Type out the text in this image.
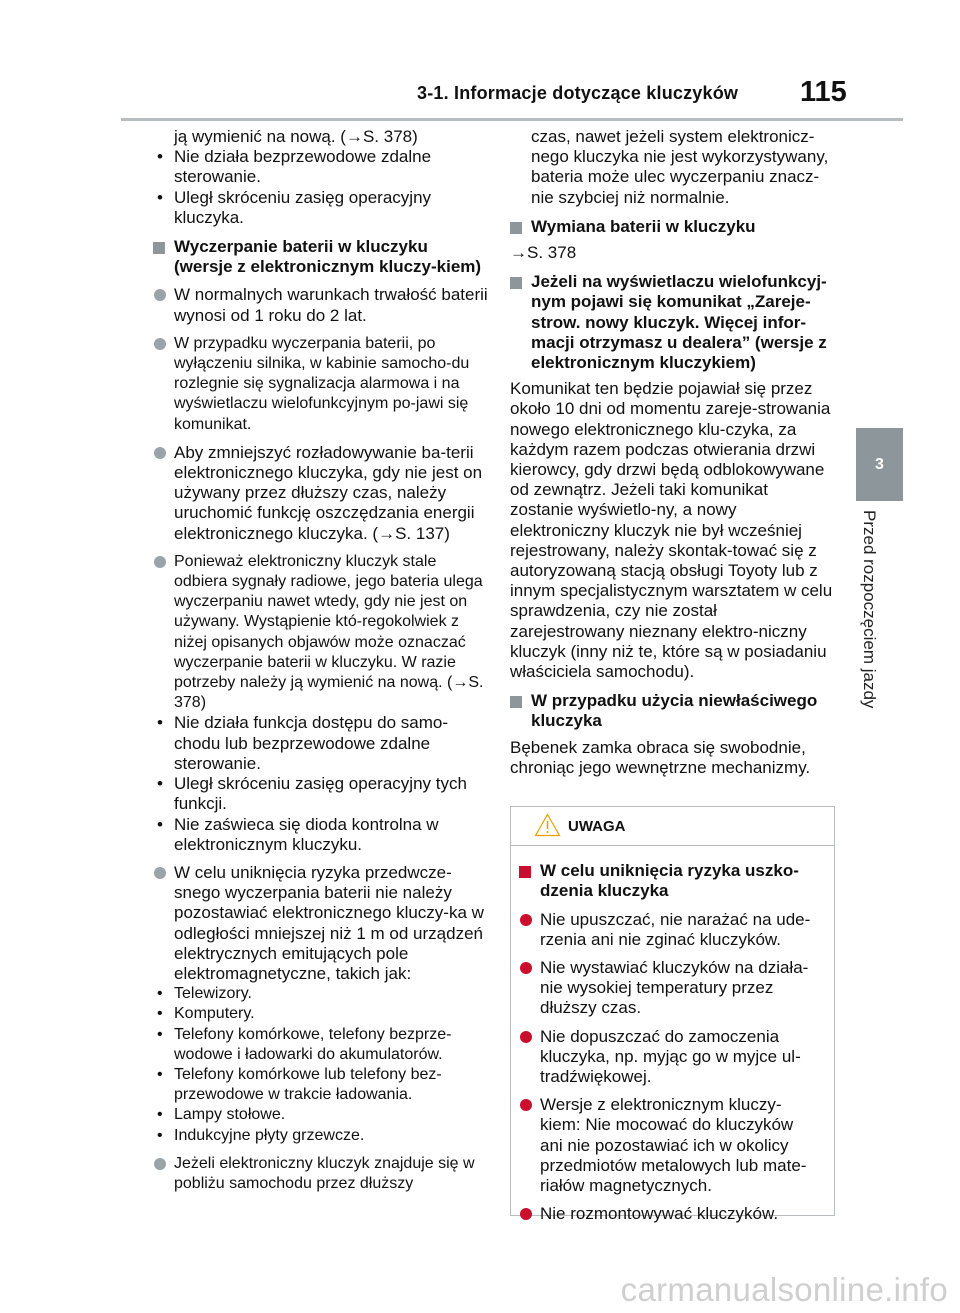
3-1. Informacje dotyczące kluczyków 115
3
Przed rozpoczęciem jazdy
ją wymienić na nową. (→S. 378)
• Nie działa bezprzewodowe zdalne sterowanie.
• Uległ skróceniu zasięg operacyjny kluczyka.
Wyczerpanie baterii w kluczyku (wersje z elektronicznym kluczy-kiem)
W normalnych warunkach trwałość baterii wynosi od 1 roku do 2 lat.
W przypadku wyczerpania baterii, po wyłączeniu silnika, w kabinie samocho-du rozlegnie się sygnalizacja alarmowa i na wyświetlaczu wielofunkcyjnym po-jawi się komunikat.
Aby zmniejszyć rozładowywanie ba-terii elektronicznego kluczyka, gdy nie jest on używany przez dłuższy czas, należy uruchomić funkcję oszczędzania energii elektronicznego kluczyka. (→S. 137)
Ponieważ elektroniczny kluczyk stale odbiera sygnały radiowe, jego bateria ulega wyczerpaniu nawet wtedy, gdy nie jest on używany. Wystąpienie któ-regokolwiek z niżej opisanych objawów może oznaczać wyczerpanie baterii w kluczyku. W razie potrzeby należy ją wymienić na nową. (→S. 378)
• Nie działa funkcja dostępu do samo-chodu lub bezprzewodowe zdalne sterowanie.
• Uległ skróceniu zasięg operacyjny tych funkcji.
• Nie zaświeca się dioda kontrolna w elektronicznym kluczyku.
W celu uniknięcia ryzyka przedwcze-snego wyczerpania baterii nie należy pozostawiać elektronicznego kluczy-ka w odległości mniejszej niż 1 m od urządzeń elektrycznych emitujących pole elektromagnetyczne, takich jak:
• Telewizory.
• Komputery.
• Telefony komórkowe, telefony bezprze-wodowe i ładowarki do akumulatorów.
• Telefony komórkowe lub telefony bez-przewodowe w trakcie ładowania.
• Lampy stołowe.
• Indukcyjne płyty grzewcze.
Jeżeli elektroniczny kluczyk znajduje się w pobliżu samochodu przez dłuższy
czas, nawet jeżeli system elektronicz-nego kluczyka nie jest wykorzystywany, bateria może ulec wyczerpaniu znacz-nie szybciej niż normalnie.
Wymiana baterii w kluczyku
→S. 378
Jeżeli na wyświetlaczu wielofunkcyj-nym pojawi się komunikat „Zareje-strow. nowy kluczyk. Więcej infor-macji otrzymasz u dealera” (wersje z elektronicznym kluczykiem)
Komunikat ten będzie pojawiał się przez około 10 dni od momentu zareje-strowania nowego elektronicznego klu-czyka, za każdym razem podczas otwierania drzwi kierowcy, gdy drzwi będą odblokowywane od zewnątrz. Jeżeli taki komunikat zostanie wyświetlo-ny, a nowy elektroniczny kluczyk nie był wcześniej rejestrowany, należy skontak-tować się z autoryzowaną stacją obsługi Toyoty lub z innym specjalistycznym warsztatem w celu sprawdzenia, czy nie został zarejestrowany nieznany elektro-niczny kluczyk (inny niż te, które są w posiadaniu właściciela samochodu).
W przypadku użycia niewłaściwego kluczyka
Bębenek zamka obraca się swobodnie, chroniąc jego wewnętrzne mechanizmy.
UWAGA
W celu uniknięcia ryzyka uszko-dzenia kluczyka
Nie upuszczać, nie narażać na ude-rzenia ani nie zginać kluczyków.
Nie wystawiać kluczyków na działa-nie wysokiej temperatury przez dłuższy czas.
Nie dopuszczać do zamoczenia kluczyka, np. myjąc go w myjce ul-tradźwiękowej.
Wersje z elektronicznym kluczy-kiem: Nie mocować do kluczyków ani nie pozostawiać ich w okolicy przedmiotów metalowych lub mate-riałów magnetycznych.
Nie rozmontowywać kluczyków.
carmanualsonline.info
